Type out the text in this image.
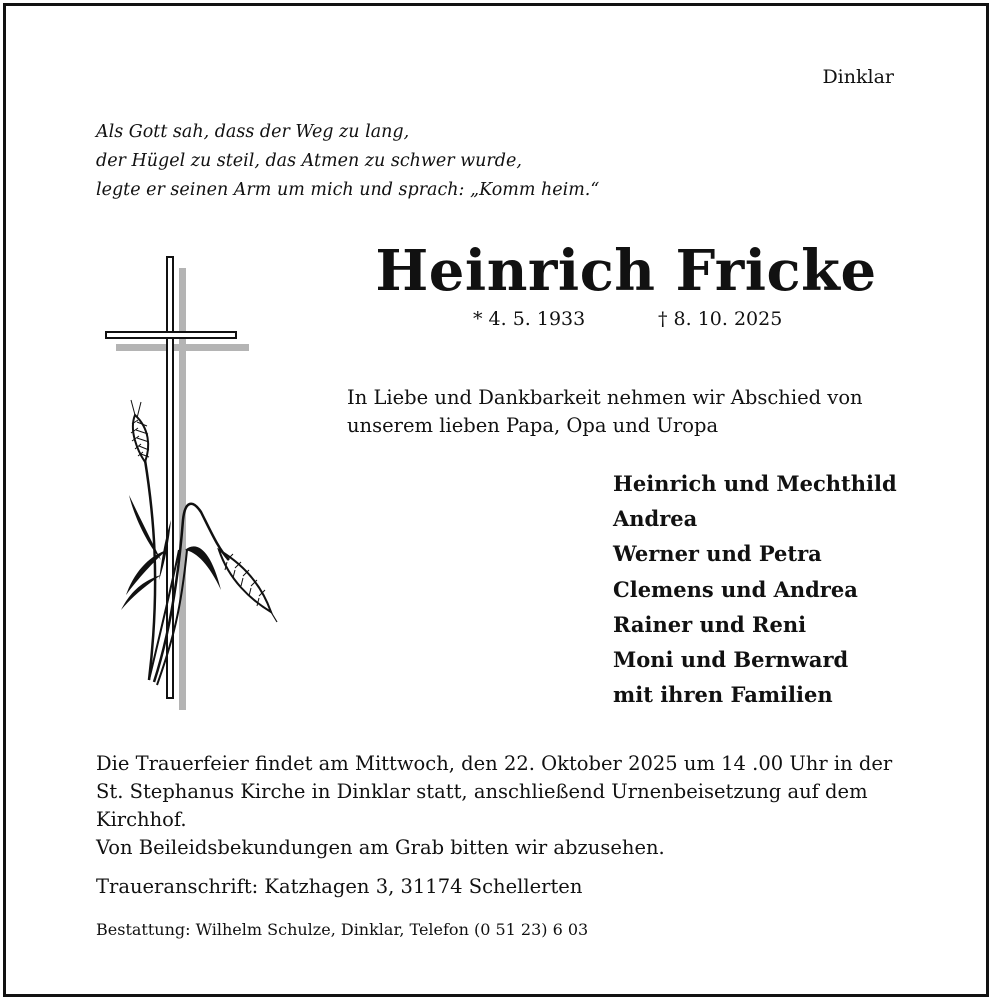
Dinklar
Als Gott sah, dass der Weg zu lang,
der Hügel zu steil, das Atmen zu schwer wurde,
legte er seinen Arm um mich und sprach: „Komm heim.“
Heinrich Fricke
* 4. 5. 1933	† 8. 10. 2025
In Liebe und Dankbarkeit nehmen wir Abschied von
unserem lieben Papa, Opa und Uropa
Heinrich und Mechthild
Andrea
Werner und Petra
Clemens und Andrea
Rainer und Reni
Moni und Bernward
mit ihren Familien
Die Trauerfeier findet am Mittwoch, den 22. Oktober 2025 um 14 .00 Uhr in der
St. Stephanus Kirche in Dinklar statt, anschließend Urnenbeisetzung auf dem
Kirchhof.
Von Beileidsbekundungen am Grab bitten wir abzusehen.
Traueranschrift: Katzhagen 3, 31174 Schellerten
Bestattung: Wilhelm Schulze, Dinklar, Telefon (0 51 23) 6 03
